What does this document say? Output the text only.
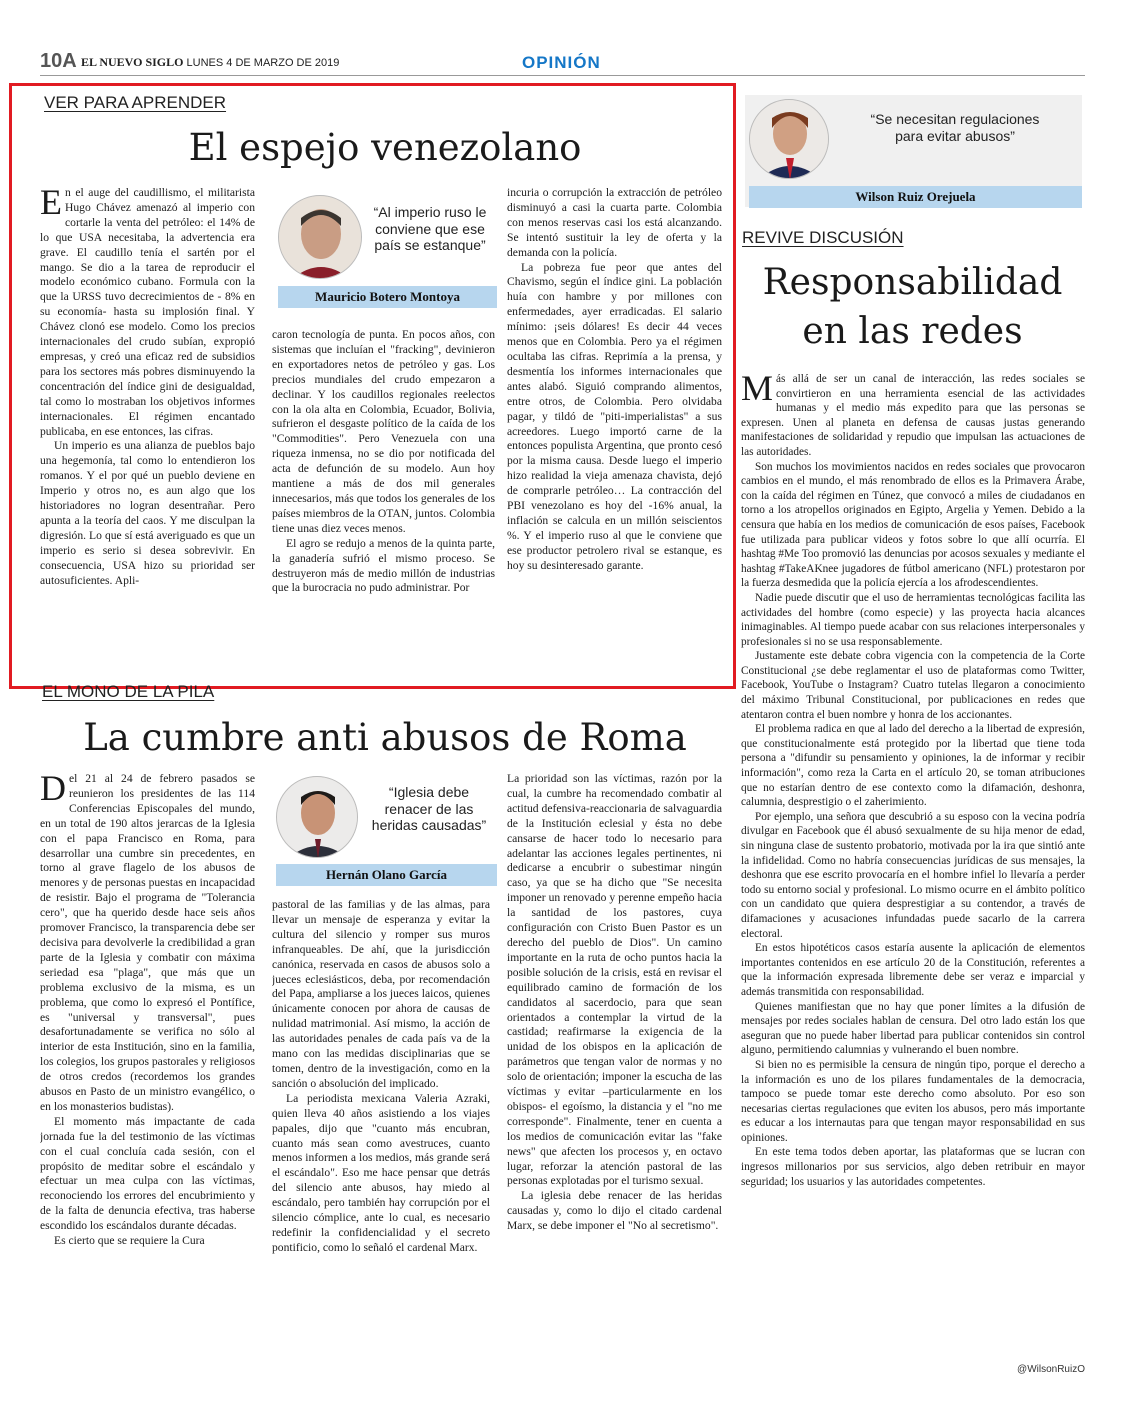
10A EL NUEVO SIGLO LUNES 4 DE MARZO DE 2019	OPINIÓN
VER PARA APRENDER
El espejo venezolano

En el auge del caudillismo, el militarista Hugo Chávez amenazó al imperio con cortarle la venta del petróleo: el 14% de lo que USA necesitaba, la advertencia era grave. El caudillo tenía el sartén por el mango. Se dio a la tarea de reproducir el modelo económico cubano. Formula con la que la URSS tuvo decrecimientos de - 8% en su economía- hasta su implosión final. Y Chávez clonó ese modelo. Como los precios internacionales del crudo subían, expropió empresas, y creó una eficaz red de subsidios para los sectores más pobres disminuyendo la concentración del índice gini de desigualdad, tal como lo mostraban los objetivos informes internacionales. El régimen encantado publicaba, en ese entonces, las cifras.

Un imperio es una alianza de pueblos bajo una hegemonía, tal como lo entendieron los romanos. Y el por qué un pueblo deviene en Imperio y otros no, es aun algo que los historiadores no logran desentrañar. Pero apunta a la teoría del caos. Y me disculpan la digresión. Lo que sí está averiguado es que un imperio es serio si desea sobrevivir. En consecuencia, USA hizo su prioridad ser autosuficientes. Apli-

“Al imperio ruso le conviene que ese país se estanque”
Mauricio Botero Montoya

caron tecnología de punta. En pocos años, con sistemas que incluían el "fracking", devinieron en exportadores netos de petróleo y gas. Los precios mundiales del crudo empezaron a declinar. Y los caudillos regionales reelectos con la ola alta en Colombia, Ecuador, Bolivia, sufrieron el desgaste político de la caída de los "Commodities". Pero Venezuela con una riqueza inmensa, no se dio por notificada del acta de defunción de su modelo. Aun hoy mantiene a más de dos mil generales innecesarios, más que todos los generales de los países miembros de la OTAN, juntos. Colombia tiene unas diez veces menos.

El agro se redujo a menos de la quinta parte, la ganadería sufrió el mismo proceso. Se destruyeron más de medio millón de industrias que la burocracia no pudo administrar. Por

incuria o corrupción la extracción de petróleo disminuyó a casi la cuarta parte. Colombia con menos reservas casi los está alcanzando. Se intentó sustituir la ley de oferta y la demanda con la policía.

La pobreza fue peor que antes del Chavismo, según el índice gini. La población huía con hambre y por millones con enfermedades, ayer erradicadas. El salario mínimo: ¡seis dólares! Es decir 44 veces menos que en Colombia. Pero ya el régimen ocultaba las cifras. Reprimía a la prensa, y desmentía los informes internacionales que antes alabó. Siguió comprando alimentos, entre otros, de Colombia. Pero olvidaba pagar, y tildó de "piti-imperialistas" a sus acreedores. Luego importó carne de la entonces populista Argentina, que pronto cesó por la misma causa. Desde luego el imperio hizo realidad la vieja amenaza chavista, dejó de comprarle petróleo… La contracción del PBI venezolano es hoy del -16% anual, la inflación se calcula en un millón seiscientos %. Y el imperio ruso al que le conviene que ese productor petrolero rival se estanque, es hoy su desinteresado garante.

EL MONO DE LA PILA
La cumbre anti abusos de Roma

Del 21 al 24 de febrero pasados se reunieron los presidentes de las 114 Conferencias Episcopales del mundo, en un total de 190 altos jerarcas de la Iglesia con el papa Francisco en Roma, para desarrollar una cumbre sin precedentes, en torno al grave flagelo de los abusos de menores y de personas puestas en incapacidad de resistir. Bajo el programa de "Tolerancia cero", que ha querido desde hace seis años promover Francisco, la transparencia debe ser decisiva para devolverle la credibilidad a gran parte de la Iglesia y combatir con máxima seriedad esa "plaga", que más que un problema exclusivo de la misma, es un problema, que como lo expresó el Pontífice, es "universal y transversal", pues desafortunadamente se verifica no sólo al interior de esta Institución, sino en la familia, los colegios, los grupos pastorales y religiosos de otros credos (recordemos los grandes abusos en Pasto de un ministro evangélico, o en los monasterios budistas).

El momento más impactante de cada jornada fue la del testimonio de las víctimas con el cual concluía cada sesión, con el propósito de meditar sobre el escándalo y efectuar un mea culpa con las víctimas, reconociendo los errores del encubrimiento y de la falta de denuncia efectiva, tras haberse escondido los escándalos durante décadas.

Es cierto que se requiere la Cura

“Iglesia debe renacer de las heridas causadas”
Hernán Olano García

pastoral de las familias y de las almas, para llevar un mensaje de esperanza y evitar la cultura del silencio y romper sus muros infranqueables. De ahí, que la jurisdicción canónica, reservada en casos de abusos solo a jueces eclesiásticos, deba, por recomendación del Papa, ampliarse a los jueces laicos, quienes únicamente conocen por ahora de causas de nulidad matrimonial. Así mismo, la acción de las autoridades penales de cada país va de la mano con las medidas disciplinarias que se tomen, dentro de la investigación, como en la sanción o absolución del implicado.

La periodista mexicana Valeria Azraki, quien lleva 40 años asistiendo a los viajes papales, dijo que "cuanto más encubran, cuanto más sean como avestruces, cuanto menos informen a los medios, más grande será el escándalo". Eso me hace pensar que detrás del silencio ante abusos, hay miedo al escándalo, pero también hay corrupción por el silencio cómplice, ante lo cual, es necesario redefinir la confidencialidad y el secreto pontificio, como lo señaló el cardenal Marx.

La prioridad son las víctimas, razón por la cual, la cumbre ha recomendado combatir al actitud defensiva-reaccionaria de salvaguardia de la Institución eclesial y ésta no debe cansarse de hacer todo lo necesario para adelantar las acciones legales pertinentes, ni dedicarse a encubrir o subestimar ningún caso, ya que se ha dicho que "Se necesita imponer un renovado y perenne empeño hacia la santidad de los pastores, cuya configuración con Cristo Buen Pastor es un derecho del pueblo de Dios". Un camino importante en la ruta de ocho puntos hacia la posible solución de la crisis, está en revisar el equilibrado camino de formación de los candidatos al sacerdocio, para que sean orientados a contemplar la virtud de la castidad; reafirmarse la exigencia de la unidad de los obispos en la aplicación de parámetros que tengan valor de normas y no solo de orientación; imponer la escucha de las víctimas y evitar –particularmente en los obispos- el egoísmo, la distancia y el "no me corresponde". Finalmente, tener en cuenta a los medios de comunicación evitar las "fake news" que afecten los procesos y, en octavo lugar, reforzar la atención pastoral de las personas explotadas por el turismo sexual.

La iglesia debe renacer de las heridas causadas y, como lo dijo el citado cardenal Marx, se debe imponer el "No al secretismo".

“Se necesitan regulaciones para evitar abusos”
Wilson Ruiz Orejuela
REVIVE DISCUSIÓN
Responsabilidad
en las redes

Más allá de ser un canal de interacción, las redes sociales se convirtieron en una herramienta esencial de las actividades humanas y el medio más expedito para que las personas se expresen. Unen al planeta en defensa de causas justas generando manifestaciones de solidaridad y repudio que impulsan las actuaciones de las autoridades.

Son muchos los movimientos nacidos en redes sociales que provocaron cambios en el mundo, el más renombrado de ellos es la Primavera Árabe, con la caída del régimen en Túnez, que convocó a miles de ciudadanos en torno a los atropellos originados en Egipto, Argelia y Yemen. Debido a la censura que había en los medios de comunicación de esos países, Facebook fue utilizada para publicar videos y fotos sobre lo que allí ocurría. El hashtag #Me Too promovió las denuncias por acosos sexuales y mediante el hashtag #TakeAKnee jugadores de fútbol americano (NFL) protestaron por la fuerza desmedida que la policía ejercía a los afrodescendientes.

Nadie puede discutir que el uso de herramientas tecnológicas facilita las actividades del hombre (como especie) y las proyecta hacia alcances inimaginables. Al tiempo puede acabar con sus relaciones interpersonales y profesionales si no se usa responsablemente.

Justamente este debate cobra vigencia con la competencia de la Corte Constitucional ¿se debe reglamentar el uso de plataformas como Twitter, Facebook, YouTube o Instagram? Cuatro tutelas llegaron a conocimiento del máximo Tribunal Constitucional, por publicaciones en redes que atentaron contra el buen nombre y honra de los accionantes.

El problema radica en que al lado del derecho a la libertad de expresión, que constitucionalmente está protegido por la libertad que tiene toda persona a "difundir su pensamiento y opiniones, la de informar y recibir información", como reza la Carta en el artículo 20, se toman atribuciones que no estarían dentro de ese contexto como la difamación, deshonra, calumnia, desprestigio o el zaherimiento.

Por ejemplo, una señora que descubrió a su esposo con la vecina podría divulgar en Facebook que él abusó sexualmente de su hija menor de edad, sin ninguna clase de sustento probatorio, motivada por la ira que sintió ante la infidelidad. Como no habría consecuencias jurídicas de sus mensajes, la deshonra que ese escrito provocaría en el hombre infiel lo llevaría a perder todo su entorno social y profesional. Lo mismo ocurre en el ámbito político con un candidato que quiera desprestigiar a su contendor, a través de difamaciones y acusaciones infundadas puede sacarlo de la carrera electoral.

En estos hipotéticos casos estaría ausente la aplicación de elementos importantes contenidos en ese artículo 20 de la Constitución, referentes a que la información expresada libremente debe ser veraz e imparcial y además transmitida con responsabilidad.

Quienes manifiestan que no hay que poner límites a la difusión de mensajes por redes sociales hablan de censura. Del otro lado están los que aseguran que no puede haber libertad para publicar contenidos sin control alguno, permitiendo calumnias y vulnerando el buen nombre.

Si bien no es permisible la censura de ningún tipo, porque el derecho a la información es uno de los pilares fundamentales de la democracia, tampoco se puede tomar este derecho como absoluto. Por eso son necesarias ciertas regulaciones que eviten los abusos, pero más importante es educar a los internautas para que tengan mayor responsabilidad en sus opiniones.

En este tema todos deben aportar, las plataformas que se lucran con ingresos millonarios por sus servicios, algo deben retribuir en mayor seguridad; los usuarios y las autoridades competentes.

@WilsonRuizO
